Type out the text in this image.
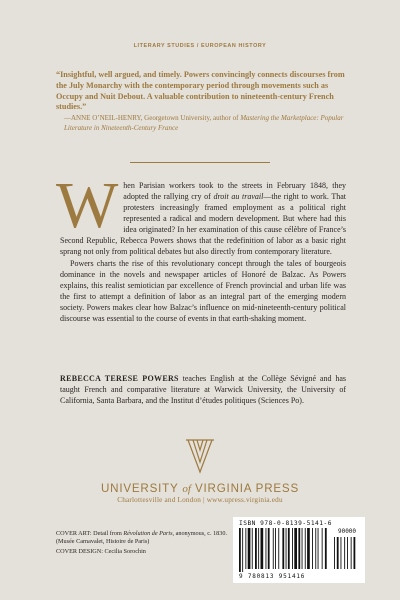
LITERARY STUDIES / EUROPEAN HISTORY
“Insightful, well argued, and timely. Powers convincingly connects discourses from the July Monarchy with the contemporary period through movements such as Occupy and Nuit Debout. A valuable contribution to nineteenth-century French studies.”
—ANNE O’NEIL-HENRY, Georgetown University, author of Mastering the Marketplace: Popular Literature in Nineteenth-Century France

When Parisian workers took to the streets in February 1848, they adopted the rallying cry of droit au travail—the right to work. That protesters increasingly framed employment as a political right represented a radical and modern development. But where had this idea originated? In her examination of this cause célèbre of France’s Second Republic, Rebecca Powers shows that the redefinition of labor as a basic right sprang not only from political debates but also directly from contemporary literature.

Powers charts the rise of this revolutionary concept through the tales of bourgeois dominance in the novels and newspaper articles of Honoré de Balzac. As Powers explains, this realist semiotician par excellence of French provincial and urban life was the first to attempt a definition of labor as an integral part of the emerging modern society. Powers makes clear how Balzac’s influence on mid-nineteenth-century political discourse was essential to the course of events in that earth-shaking moment.

REBECCA TERESE POWERS teaches English at the Collège Sévigné and has taught French and comparative literature at Warwick University, the University of California, Santa Barbara, and the Institut d’études politiques (Sciences Po).
UNIVERSITY of VIRGINIA PRESS
Charlottesville and London | www.upress.virginia.edu

COVER ART: Detail from Révolution de Paris, anonymous, c. 1830. (Musée Carnavalet, Histoire de Paris)

COVER DESIGN: Cecilia Sorochin

ISBN 978-0-8139-5141-6
9 780813 951416
90000
